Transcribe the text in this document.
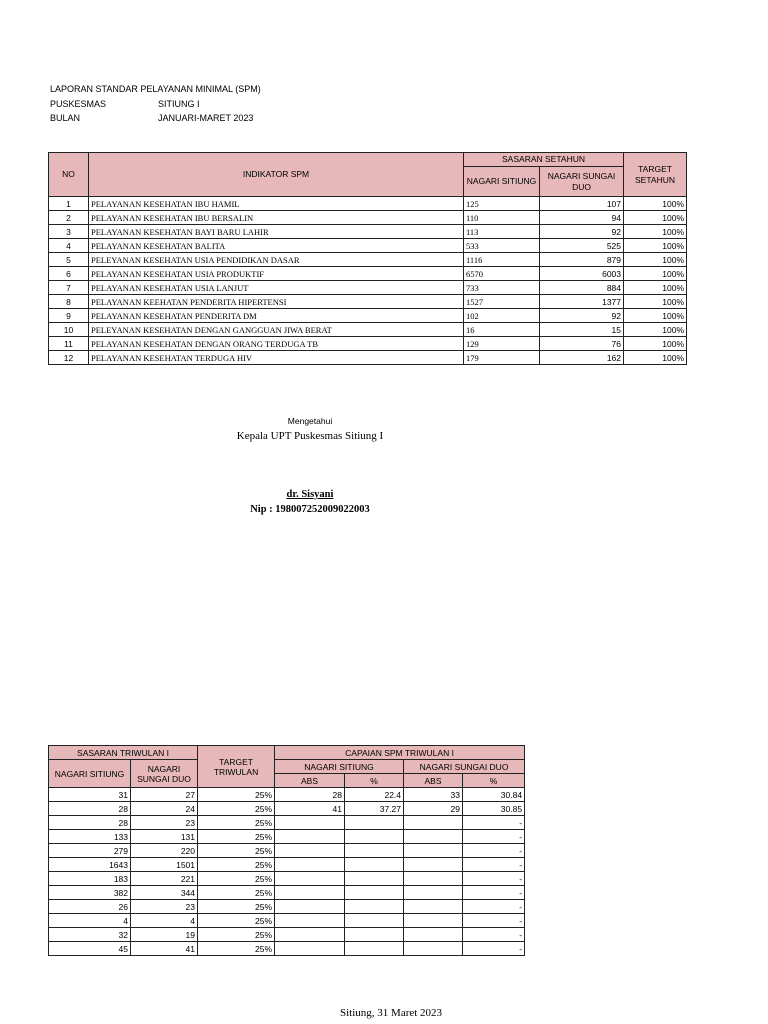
LAPORAN STANDAR PELAYANAN MINIMAL (SPM)
PUSKESMAS	SITIUNG I
BULAN	JANUARI-MARET 2023
NO	INDIKATOR SPM	SASARAN SETAHUN		TARGET SETAHUN
		NAGARI SITIUNG	NAGARI SUNGAI DUO	
1	PELAYANAN KESEHATAN IBU HAMIL	125	107	100%
2	PELAYANAN KESEHATAN IBU BERSALIN	110	94	100%
3	PELAYANAN KESEHATAN BAYI BARU LAHIR	113	92	100%
4	PELAYANAN KESEHATAN BALITA	533	525	100%
5	PELEYANAN KESEHATAN USIA PENDIDIKAN DASAR	1116	879	100%
6	PELAYANAN KESEHATAN USIA PRODUKTIF	6570	6003	100%
7	PELAYANAN KESEHATAN USIA LANJUT	733	884	100%
8	PELAYANAN KEEHATAN PENDERITA HIPERTENSI	1527	1377	100%
9	PELAYANAN KESEHATAN PENDERITA DM	102	92	100%
10	PELEYANAN KESEHATAN DENGAN GANGGUAN JIWA BERAT	16	15	100%
11	PELAYANAN KESEHATAN DENGAN ORANG TERDUGA TB	129	76	100%
12	PELAYANAN KESEHATAN TERDUGA HIV	179	162	100%
Mengetahui
Kepala UPT Puskesmas Sitiung I
dr. Sisyani
Nip : 198007252009022003
SASARAN TRIWULAN I		TARGET TRIWULAN	CAPAIAN SPM TRIWULAN I			
NAGARI SITIUNG	NAGARI SUNGAI DUO		NAGARI SITIUNG		NAGARI SUNGAI DUO	
			ABS	%	ABS	%
31	27	25%	28	22.4	33	30.84
28	24	25%	41	37.27	29	30.85
28	23	25%				-
133	131	25%				-
279	220	25%				-
1643	1501	25%				-
183	221	25%				-
382	344	25%				-
26	23	25%				-
4	4	25%				-
32	19	25%				-
45	41	25%				-
Sitiung, 31 Maret 2023
